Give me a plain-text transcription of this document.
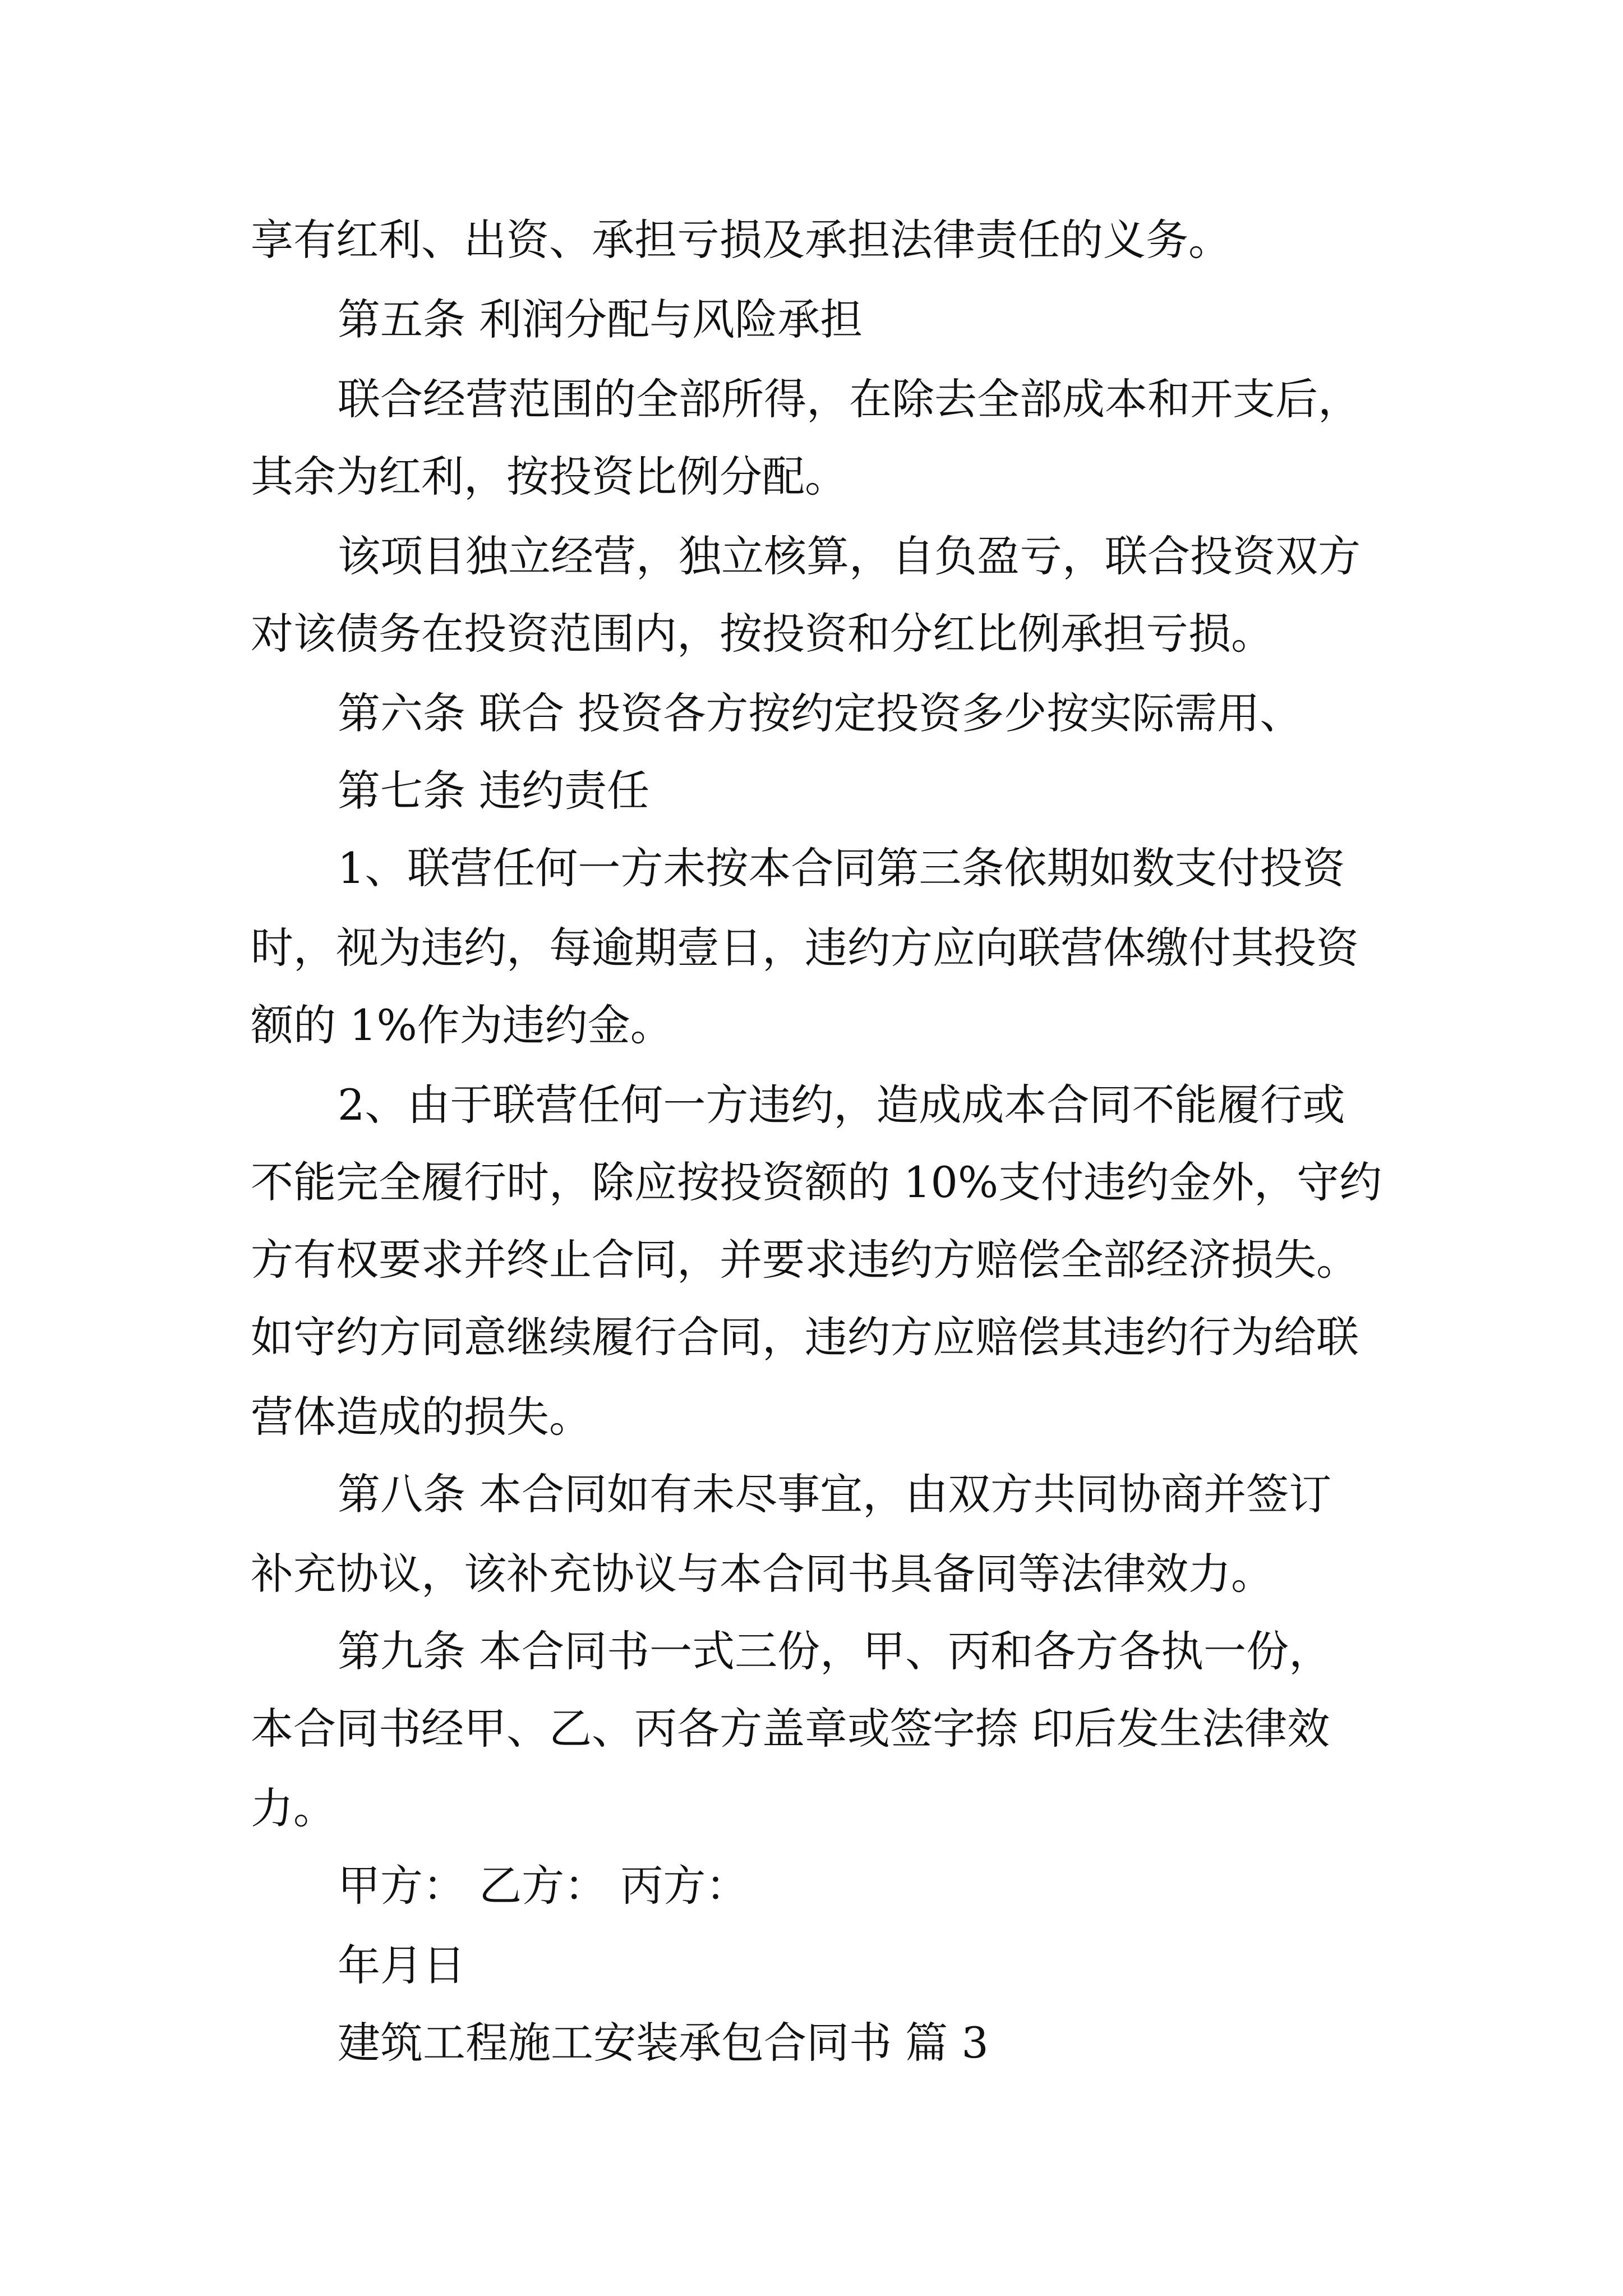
享有红利、出资、承担亏损及承担法律责任的义务。
第五条 利润分配与风险承担
联合经营范围的全部所得，在除去全部成本和开支后，
其余为红利，按投资比例分配。
该项目独立经营，独立核算，自负盈亏，联合投资双方
对该债务在投资范围内，按投资和分红比例承担亏损。
第六条 联合 投资各方按约定投资多少按实际需用、
第七条 违约责任
1、联营任何一方未按本合同第三条依期如数支付投资
时，视为违约，每逾期壹日，违约方应向联营体缴付其投资
额的 1%作为违约金。
2、由于联营任何一方违约，造成成本合同不能履行或
不能完全履行时，除应按投资额的 10%支付违约金外，守约
方有权要求并终止合同，并要求违约方赔偿全部经济损失。
如守约方同意继续履行合同，违约方应赔偿其违约行为给联
营体造成的损失。
第八条 本合同如有未尽事宜，由双方共同协商并签订
补充协议，该补充协议与本合同书具备同等法律效力。
第九条 本合同书一式三份，甲、丙和各方各执一份，
本合同书经甲、乙、丙各方盖章或签字捺 印后发生法律效
力。
甲方： 乙方： 丙方：
年月日
建筑工程施工安装承包合同书 篇 3
